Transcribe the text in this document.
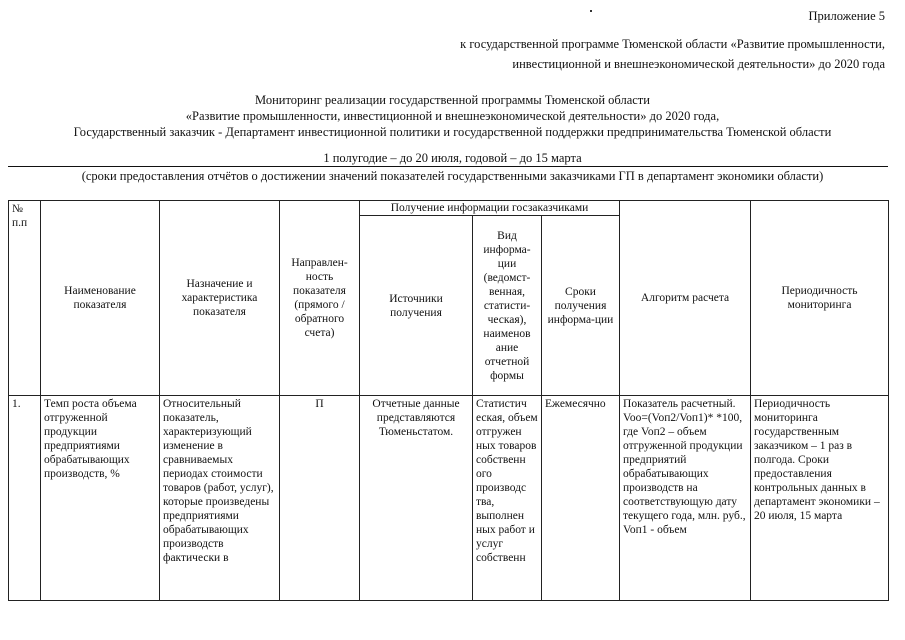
Приложение 5
к государственной программе Тюменской области «Развитие промышленности,
инвестиционной и внешнеэкономической деятельности» до 2020 года
Мониторинг реализации государственной программы Тюменской области
«Развитие промышленности, инвестиционной и внешнеэкономической деятельности» до 2020 года,
Государственный заказчик - Департамент инвестиционной политики и государственной поддержки предпринимательства Тюменской области
1 полугодие – до 20 июля, годовой – до 15 марта
(сроки предоставления отчётов о достижении значений показателей государственными заказчиками ГП в департамент экономики области)
№ п.п	Наименование показателя	Назначение и характеристика показателя	Направлен-ность показателя (прямого /обратного счета)	Получение информации госзаказчиками			Алгоритм расчета	Периодичность мониторинга
				Источники получения	Вид информа-ции (ведомст-венная, статисти-ческая), наименов ание отчетной формы	Сроки получения информа-ции		
1.	Темп роста объема отгруженной продукции предприятиями обрабатывающих производств, %	Относительный показатель, характеризующий изменение в сравниваемых периодах стоимости товаров (работ, услуг), которые произведены предприятиями обрабатывающих производств фактически в	П	Отчетные данные представляются Тюменьстатом.	Статистич еская, объем отгружен ных товаров собственн ого производс тва, выполнен ных работ и услуг собственн	Ежемесячно	Показатель расчетный. Voo=(Voп2/Voп1)* *100, где Voп2 – объем отгруженной продукции предприятий обрабатывающих производств на соответствующую дату текущего года, млн. руб., Voп1 - объем	Периодичность мониторинга государственным заказчиком – 1 раз в полгода. Сроки предоставления контрольных данных в департамент экономики – 20 июля, 15 марта
